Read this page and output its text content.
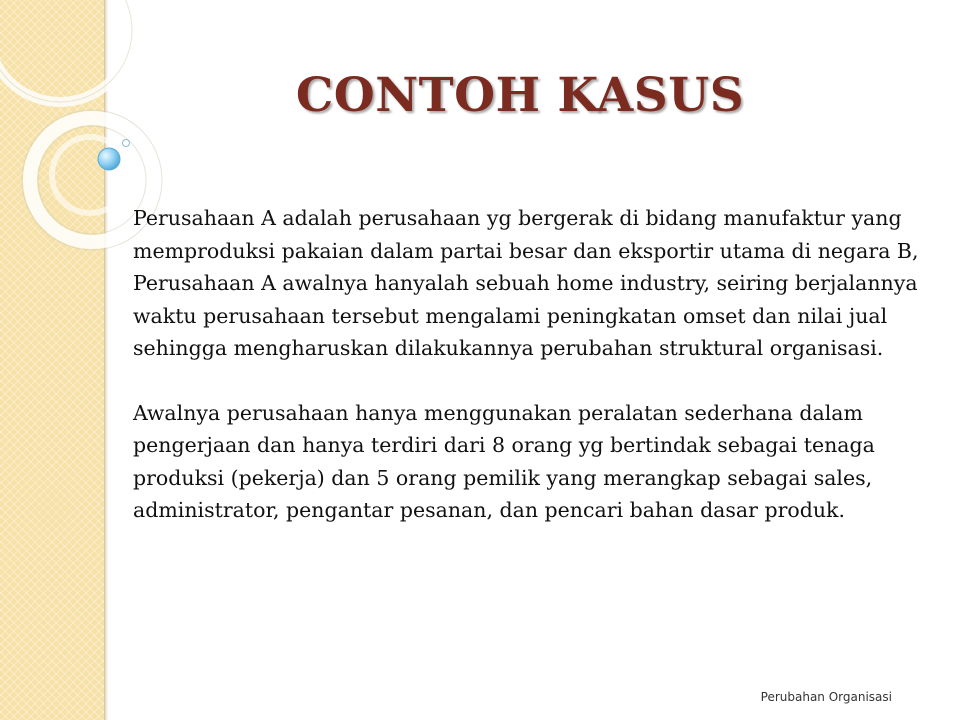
CONTOH KASUS

Perusahaan A adalah perusahaan yg bergerak di bidang manufaktur yang memproduksi pakaian dalam partai besar dan eksportir utama di negara B, Perusahaan A awalnya hanyalah sebuah home industry, seiring berjalannya waktu perusahaan tersebut mengalami peningkatan omset dan nilai jual sehingga mengharuskan dilakukannya perubahan struktural organisasi.

Awalnya perusahaan hanya menggunakan peralatan sederhana dalam pengerjaan dan hanya terdiri dari 8 orang yg bertindak sebagai tenaga produksi (pekerja) dan 5 orang pemilik yang merangkap sebagai sales, administrator, pengantar pesanan, dan pencari bahan dasar produk.

Perubahan Organisasi
